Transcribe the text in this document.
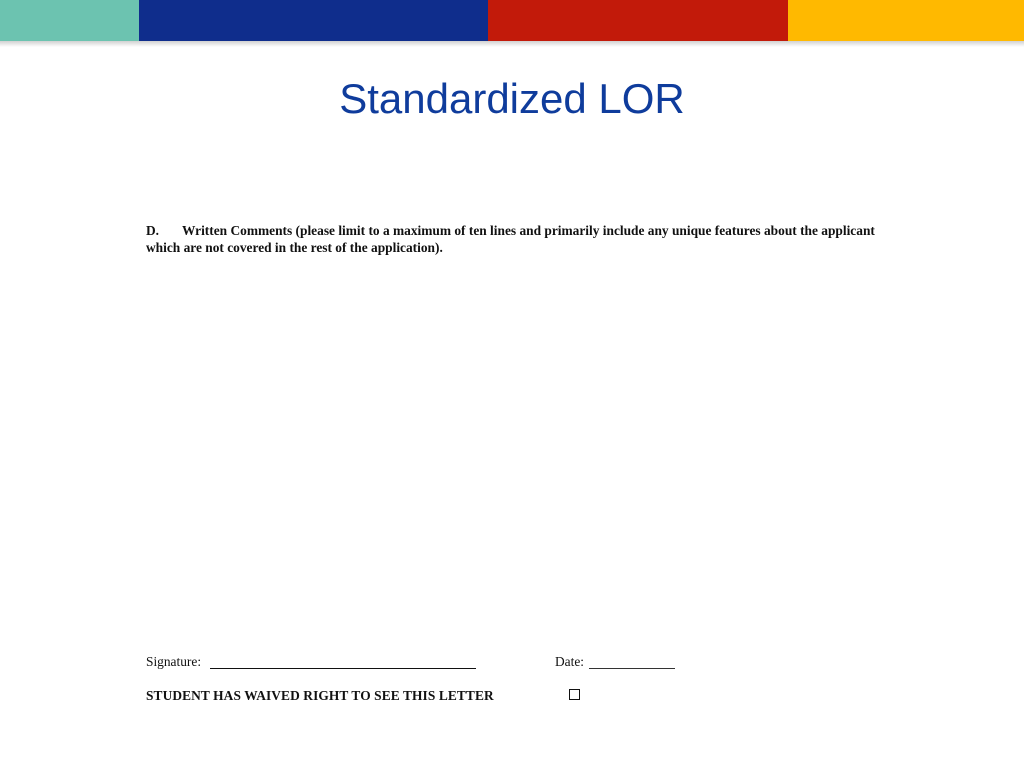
Standardized LOR

D. Written Comments (please limit to a maximum of ten lines and primarily include any unique features about the applicant which are not covered in the rest of the application).

Signature:	Date:
STUDENT HAS WAIVED RIGHT TO SEE THIS LETTER
